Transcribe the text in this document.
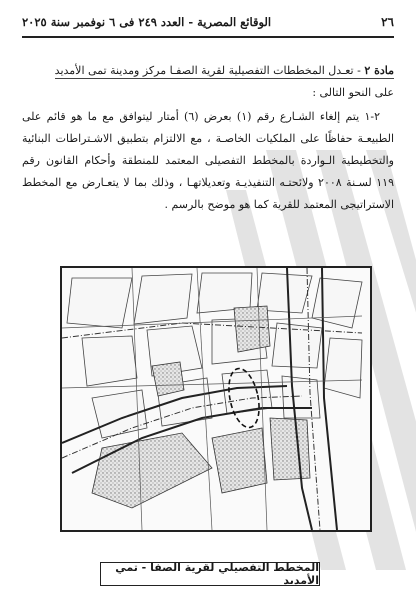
٢٦
الوقائع المصرية - العدد ٢٤٩ فى ٦ نوفمبر سنة ٢٠٢٥

مادة ٢ - تعـدل المخططات التفصيلية لقرية الصفـا مركز ومدينة تمى الأمديد

على النحو التالى :

٢-١ يتم إلغاء الشـارع رقم (١) بعرض (٦) أمتار ليتوافق مع ما هو قائم على الطبيعـة حفاظًا على الملكيات الخاصـة ، مع الالتزام بتطبيق الاشـتراطات البنائية والتخطيطية الـواردة بالمخطط التفصيلى المعتمد للمنطقة وأحكام القانون رقم ١١٩ لسـنة ٢٠٠٨ ولائحتـه التنفيذيـة وتعديلاتهـا ، وذلك بما لا يتعـارض مع المخطط الاستراتيجى المعتمد للقرية كما هو موضح بالرسم .

المخطط التفصيلي لقرية الصفا - تمي الأمديد
